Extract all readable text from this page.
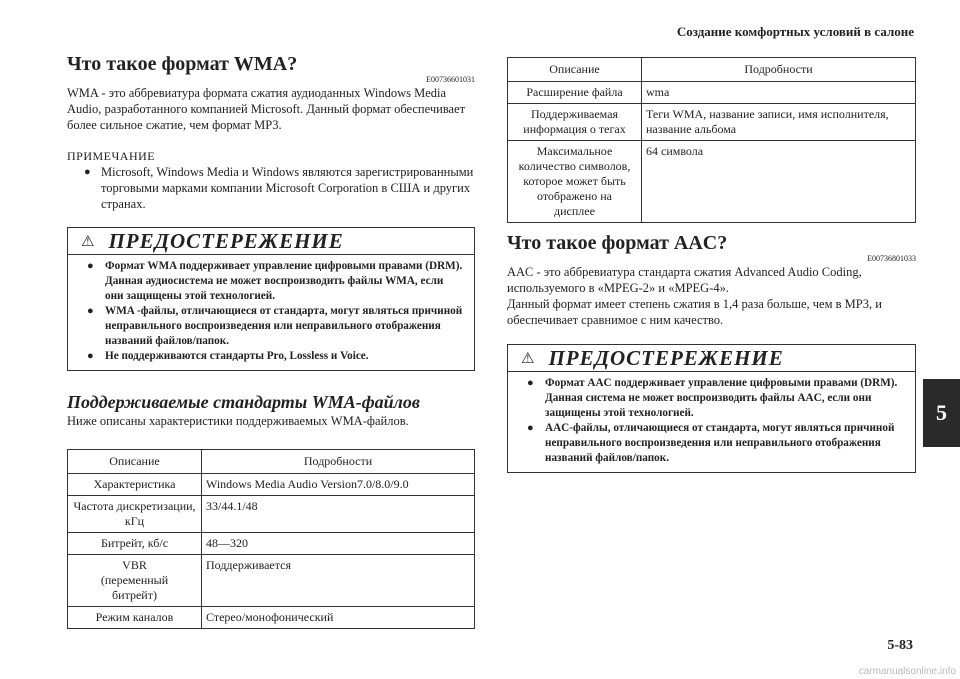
Создание комфортных условий в салоне
5
5-83
carmanualsonline.info
Что такое формат WMA?
E00736601031

WMA - это аббревиатура формата сжатия аудиоданных Windows Media Audio, разработанного компанией Microsoft. Данный формат обеспечивает более сильное сжатие, чем формат MP3.

ПРИМЕЧАНИЕ
● Microsoft, Windows Media и Windows являются зарегистрированными торговыми марками компании Microsoft Corporation в США и других странах.
⚠ ПРЕДОСТЕРЕЖЕНИЕ
● Формат WMA поддерживает управление цифровыми правами (DRM). Данная аудиосистема не может воспроизводить файлы WMA, если они защищены этой технологией.
● WMA -файлы, отличающиеся от стандарта, могут являться причиной неправильного воспроизведения или неправильного отображения названий файлов/папок.
● Не поддерживаются стандарты Pro, Lossless и Voice.
Поддерживаемые стандарты WMA-файлов

Ниже описаны характеристики поддерживаемых WMA-файлов.

Описание	Подробности
Характеристика	Windows Media Audio Version7.0/8.0/9.0
Частота дискретизации, кГц	33/44.1/48
Битрейт, кб/с	48—320
VBR (переменный битрейт)	Поддерживается
Режим каналов	Стерео/монофонический
Описание	Подробности
Расширение файла	wma
Поддерживаемая информация о тегах	Теги WMA, название записи, имя исполнителя, название альбома
Максимальное количество символов, которое может быть отображено на дисплее	64 символа
Что такое формат AAC?
E00736801033

AAC - это аббревиатура стандарта сжатия Advanced Audio Coding, используемого в «MPEG-2» и «MPEG-4».

Данный формат имеет степень сжатия в 1,4 раза больше, чем в MP3, и обеспечивает сравнимое с ним качество.

⚠ ПРЕДОСТЕРЕЖЕНИЕ
● Формат AAC поддерживает управление цифровыми правами (DRM). Данная система не может воспроизводить файлы AAC, если они защищены этой технологией.
● AAC-файлы, отличающиеся от стандарта, могут являться причиной неправильного воспроизведения или неправильного отображения названий файлов/папок.
